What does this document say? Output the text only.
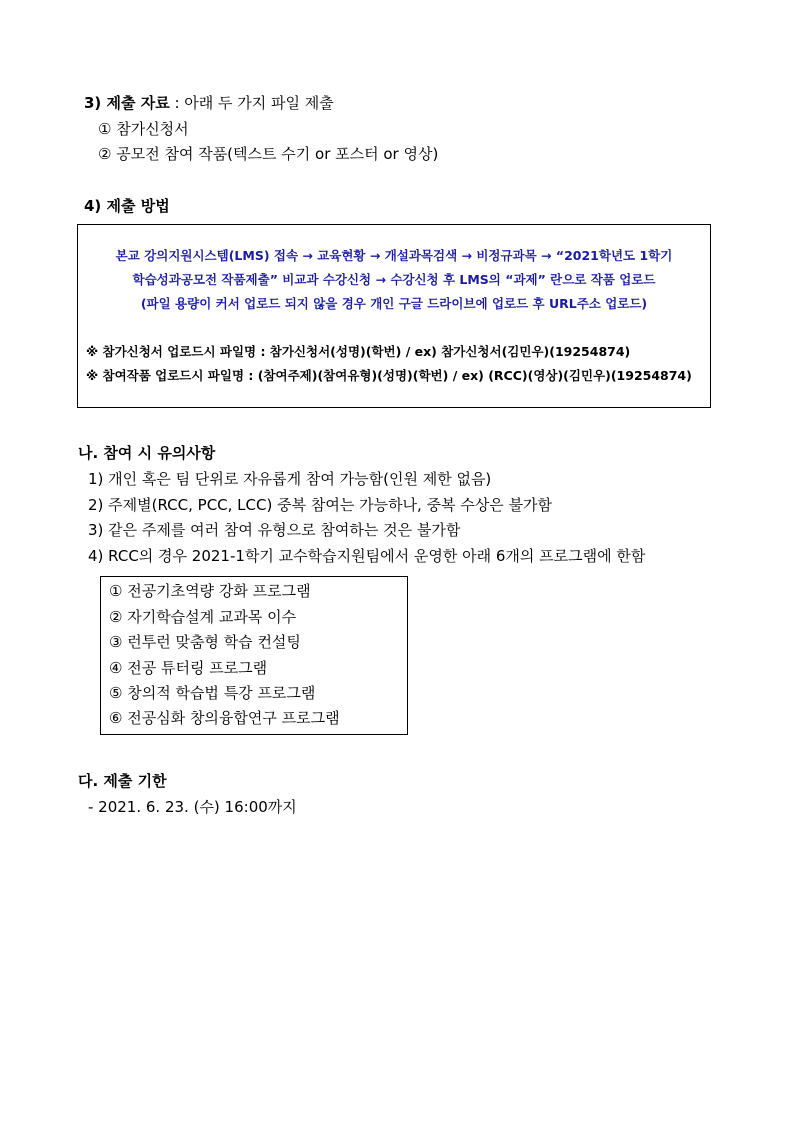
3) 제출 자료 : 아래 두 가지 파일 제출
① 참가신청서
② 공모전 참여 작품(텍스트 수기 or 포스터 or 영상)
4) 제출 방법
본교 강의지원시스템(LMS) 접속 → 교육현황 → 개설과목검색 → 비정규과목 → “2021학년도 1학기
학습성과공모전 작품제출” 비교과 수강신청 → 수강신청 후 LMS의 “과제” 란으로 작품 업로드
(파일 용량이 커서 업로드 되지 않을 경우 개인 구글 드라이브에 업로드 후 URL주소 업로드)
※ 참가신청서 업로드시 파일명 : 참가신청서(성명)(학번) / ex) 참가신청서(김민우)(19254874)
※ 참여작품 업로드시 파일명 : (참여주제)(참여유형)(성명)(학번) / ex) (RCC)(영상)(김민우)(19254874)
나. 참여 시 유의사항
1) 개인 혹은 팀 단위로 자유롭게 참여 가능함(인원 제한 없음)
2) 주제별(RCC, PCC, LCC) 중복 참여는 가능하나, 중복 수상은 불가함
3) 같은 주제를 여러 참여 유형으로 참여하는 것은 불가함
4) RCC의 경우 2021-1학기 교수학습지원팀에서 운영한 아래 6개의 프로그램에 한함
① 전공기초역량 강화 프로그램
② 자기학습설계 교과목 이수
③ 런투런 맞춤형 학습 컨설팅
④ 전공 튜터링 프로그램
⑤ 창의적 학습법 특강 프로그램
⑥ 전공심화 창의융합연구 프로그램
다. 제출 기한
- 2021. 6. 23. (수) 16:00까지
